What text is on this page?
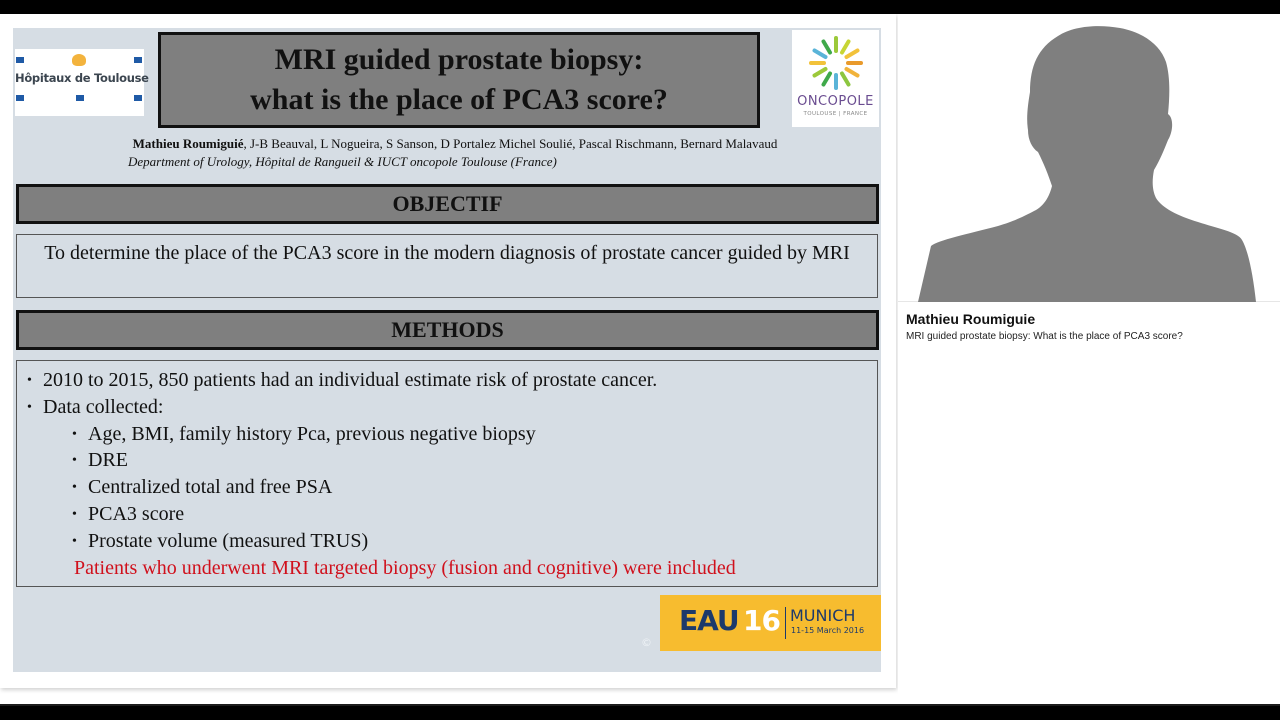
Hôpitaux de Toulouse
MRI guided prostate biopsy:
what is the place of PCA3 score?	ONCOPOLE
TOULOUSE | FRANCE
Mathieu Roumiguié, J-B Beauval, L Nogueira, S Sanson, D Portalez Michel Soulié, Pascal Rischmann, Bernard Malavaud
Department of Urology, Hôpital de Rangueil & IUCT oncopole Toulouse (France)
OBJECTIF
To determine the place of the PCA3 score in the modern diagnosis of prostate cancer guided by MRI
METHODS
• 2010 to 2015, 850 patients had an individual estimate risk of prostate cancer.
• Data collected:
• Age, BMI, family history Pca, previous negative biopsy
• DRE
• Centralized total and free PSA
• PCA3 score
• Prostate volume (measured TRUS)
Patients who underwent MRI targeted biopsy (fusion and cognitive) were included
©
EAU 16 MUNICH
11-15 March 2016
Mathieu Roumiguie
MRI guided prostate biopsy: What is the place of PCA3 score?
